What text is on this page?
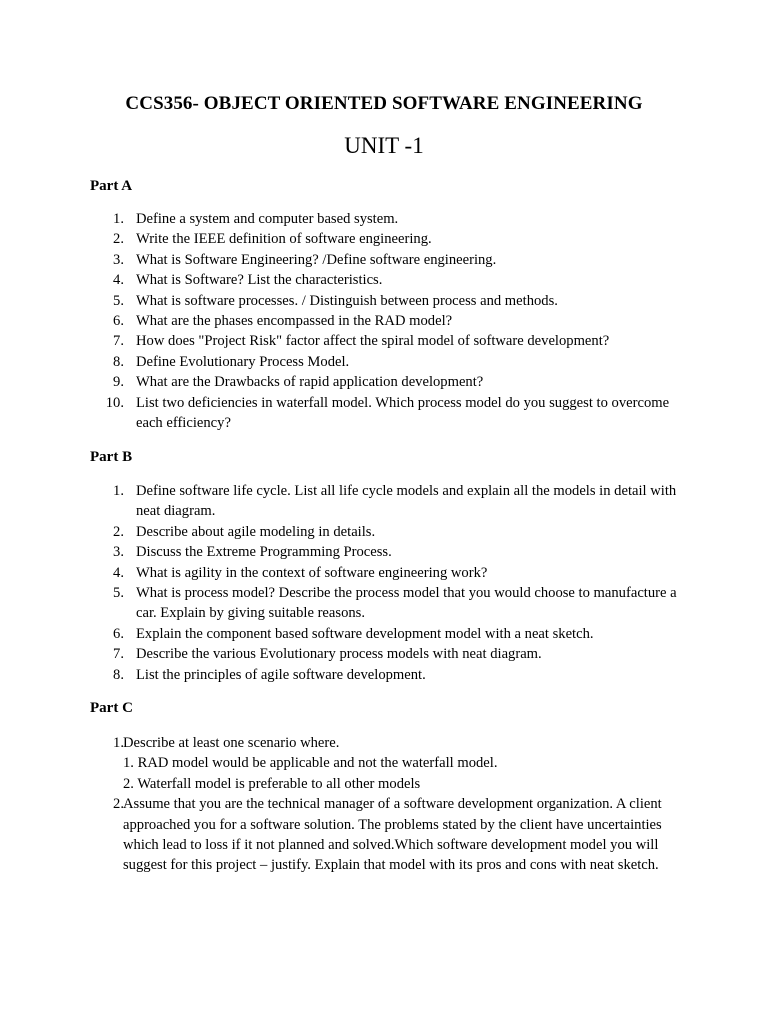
CCS356- OBJECT ORIENTED SOFTWARE ENGINEERING
UNIT -1
Part A
1. Define a system and computer based system.
2. Write the IEEE definition of software engineering.
3. What is Software Engineering? /Define software engineering.
4. What is Software? List the characteristics.
5. What is software processes. / Distinguish between process and methods.
6. What are the phases encompassed in the RAD model?
7. How does "Project Risk" factor affect the spiral model of software development?
8. Define Evolutionary Process Model.
9. What are the Drawbacks of rapid application development?
10. List two deficiencies in waterfall model. Which process model do you suggest to overcome each efficiency?
Part B
1. Define software life cycle. List all life cycle models and explain all the models in detail with neat diagram.
2. Describe about agile modeling in details.
3. Discuss the Extreme Programming Process.
4. What is agility in the context of software engineering work?
5. What is process model? Describe the process model that you would choose to manufacture a car. Explain by giving suitable reasons.
6. Explain the component based software development model with a neat sketch.
7. Describe the various Evolutionary process models with neat diagram.
8. List the principles of agile software development.
Part C
1. Describe at least one scenario where.
1. RAD model would be applicable and not the waterfall model.
2. Waterfall model is preferable to all other models
2. Assume that you are the technical manager of a software development organization. A client approached you for a software solution. The problems stated by the client have uncertainties which lead to loss if it not planned and solved.Which software development model you will suggest for this project – justify. Explain that model with its pros and cons with neat sketch.
